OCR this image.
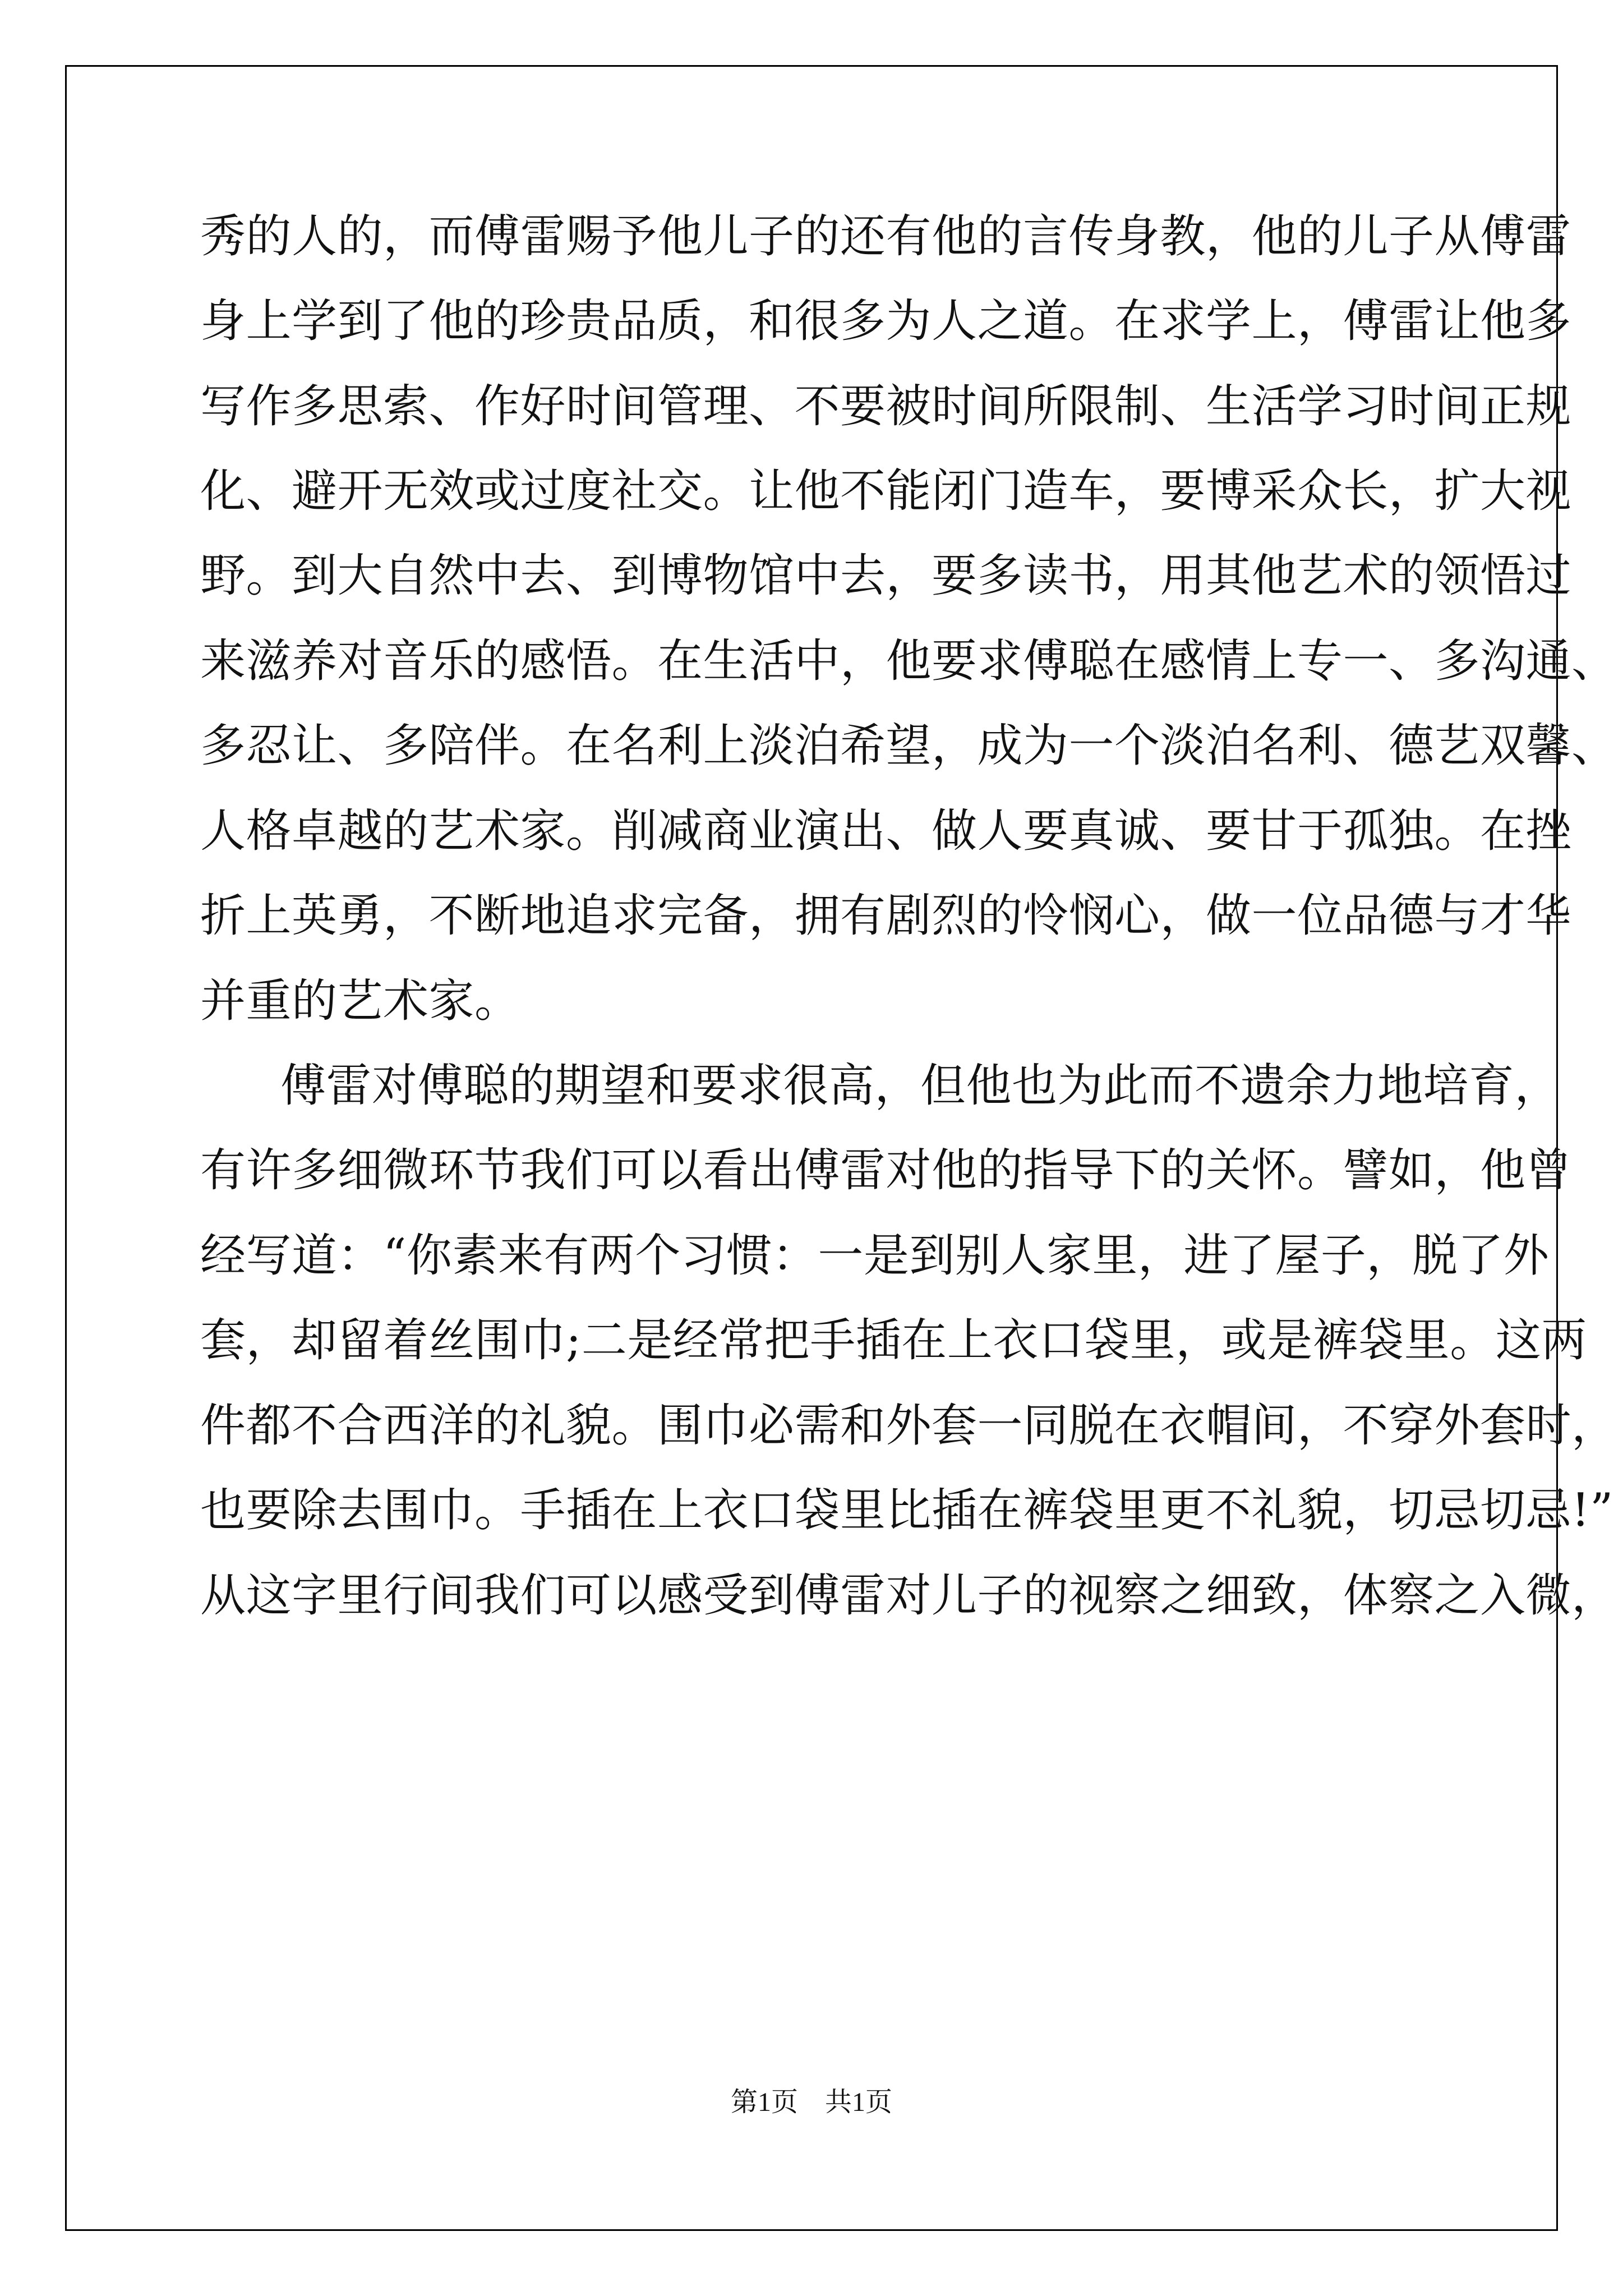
秀的人的，而傅雷赐予他儿子的还有他的言传身教，他的儿子从傅雷
身上学到了他的珍贵品质，和很多为人之道。在求学上，傅雷让他多
写作多思索、作好时间管理、不要被时间所限制、生活学习时间正规
化、避开无效或过度社交。让他不能闭门造车，要博采众长，扩大视
野。到大自然中去、到博物馆中去，要多读书，用其他艺术的领悟过
来滋养对音乐的感悟。在生活中，他要求傅聪在感情上专一、多沟通、
多忍让、多陪伴。在名利上淡泊希望，成为一个淡泊名利、德艺双馨、
人格卓越的艺术家。削减商业演出、做人要真诚、要甘于孤独。在挫
折上英勇，不断地追求完备，拥有剧烈的怜悯心，做一位品德与才华
并重的艺术家。
傅雷对傅聪的期望和要求很高，但他也为此而不遗余力地培育，
有许多细微环节我们可以看出傅雷对他的指导下的关怀。譬如，他曾
经写道：“你素来有两个习惯：一是到别人家里，进了屋子，脱了外
套，却留着丝围巾;二是经常把手插在上衣口袋里，或是裤袋里。这两
件都不合西洋的礼貌。围巾必需和外套一同脱在衣帽间，不穿外套时，
也要除去围巾。手插在上衣口袋里比插在裤袋里更不礼貌，切忌切忌!”
从这字里行间我们可以感受到傅雷对儿子的视察之细致，体察之入微，
第1页 共1页
